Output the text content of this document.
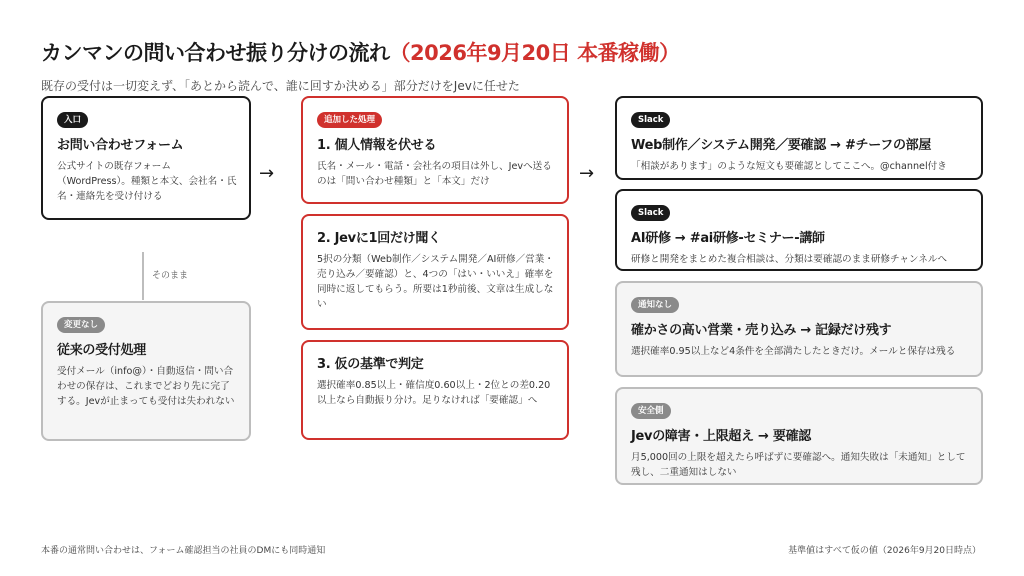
カンマンの問い合わせ振り分けの流れ（2026年9月20日 本番稼働）
既存の受付は一切変えず、「あとから読んで、誰に回すか決める」部分だけをJevに任せた
入口
お問い合わせフォーム
公式サイトの既存フォーム（WordPress）。種類と本文、会社名・氏名・連絡先を受け付ける
そのまま
変更なし
従来の受付処理
受付メール（info@）・自動返信・問い合わせの保存は、これまでどおり先に完了する。Jevが止まっても受付は失われない
→
追加した処理
1. 個人情報を伏せる
氏名・メール・電話・会社名の項目は外し、Jevへ送るのは「問い合わせ種類」と「本文」だけ
2. Jevに1回だけ聞く
5択の分類（Web制作／システム開発／AI研修／営業・売り込み／要確認）と、4つの「はい・いいえ」確率を同時に返してもらう。所要は1秒前後、文章は生成しない
3. 仮の基準で判定
選択確率0.85以上・確信度0.60以上・2位との差0.20以上なら自動振り分け。足りなければ「要確認」へ
→
Slack
Web制作／システム開発／要確認 → #チーフの部屋
「相談があります」のような短文も要確認としてここへ。@channel付き
Slack
AI研修 → #ai研修-セミナー-講師
研修と開発をまとめた複合相談は、分類は要確認のまま研修チャンネルへ
通知なし
確かさの高い営業・売り込み → 記録だけ残す
選択確率0.95以上など4条件を全部満たしたときだけ。メールと保存は残る
安全側
Jevの障害・上限超え → 要確認
月5,000回の上限を超えたら呼ばずに要確認へ。通知失敗は「未通知」として残し、二重通知はしない
本番の通常問い合わせは、フォーム確認担当の社員のDMにも同時通知	基準値はすべて仮の値（2026年9月20日時点）
